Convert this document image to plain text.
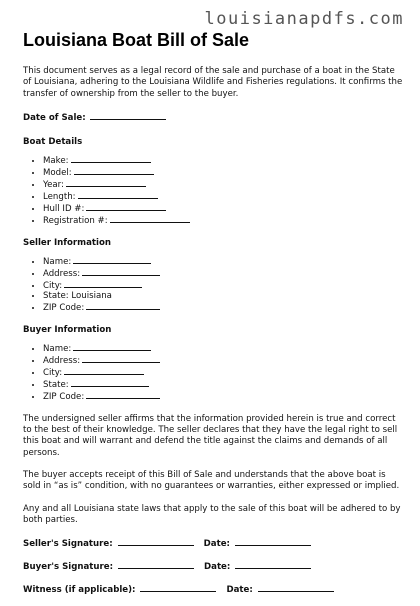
louisianapdfs.com
Louisiana Boat Bill of Sale

This document serves as a legal record of the sale and purchase of a boat in the State of Louisiana, adhering to the Louisiana Wildlife and Fisheries regulations. It confirms the transfer of ownership from the seller to the buyer.

Date of Sale:
Boat Details
• Make:
• Model:
• Year:
• Length:
• Hull ID #:
• Registration #:
Seller Information
• Name:
• Address:
• City:
• State: Louisiana
• ZIP Code:
Buyer Information
• Name:
• Address:
• City:
• State:
• ZIP Code:

The undersigned seller affirms that the information provided herein is true and correct to the best of their knowledge. The seller declares that they have the legal right to sell this boat and will warrant and defend the title against the claims and demands of all persons.

The buyer accepts receipt of this Bill of Sale and understands that the above boat is sold in “as is” condition, with no guarantees or warranties, either expressed or implied.

Any and all Louisiana state laws that apply to the sale of this boat will be adhered to by both parties.

Seller's Signature:	Date:
Buyer's Signature:	Date:
Witness (if applicable):	Date:
